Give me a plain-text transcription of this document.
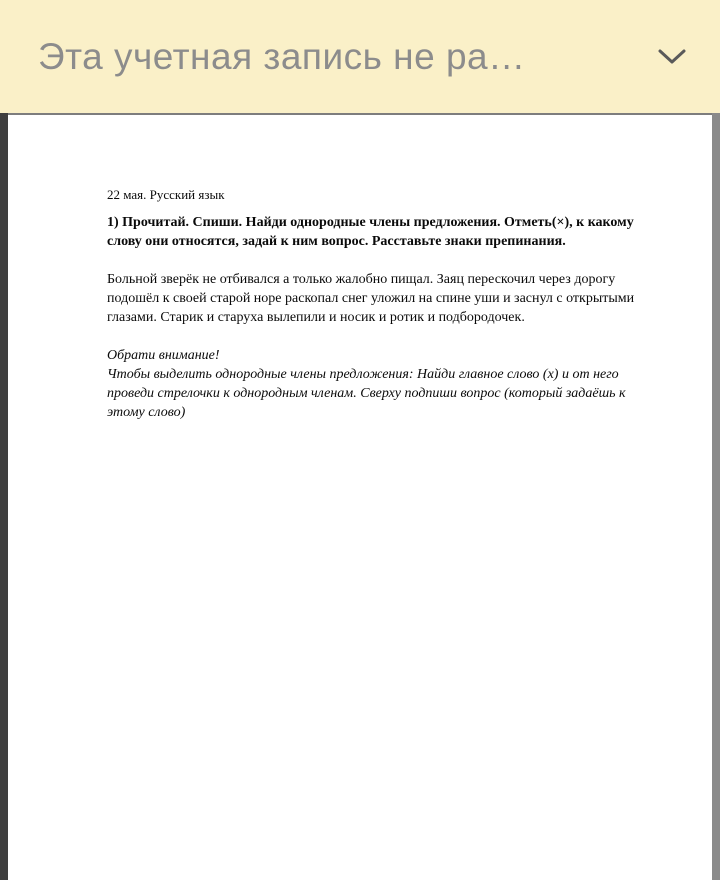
Эта учетная запись не ра…
22 мая. Русский язык
1) Прочитай. Спиши. Найди однородные члены предложения. Отметь(×), к какому слову они относятся, задай к ним вопрос. Расставьте знаки препинания.
Больной зверёк не отбивался а только жалобно пищал. Заяц перескочил через дорогу подошёл к своей старой норе раскопал снег уложил на спине уши и заснул с открытыми глазами. Старик и старуха вылепили и носик и ротик и подбородочек.
Обрати внимание!
Чтобы выделить однородные члены предложения: Найди главное слово (х) и от него проведи стрелочки к однородным членам. Сверху подпиши вопрос (который задаёшь к этому слово)
